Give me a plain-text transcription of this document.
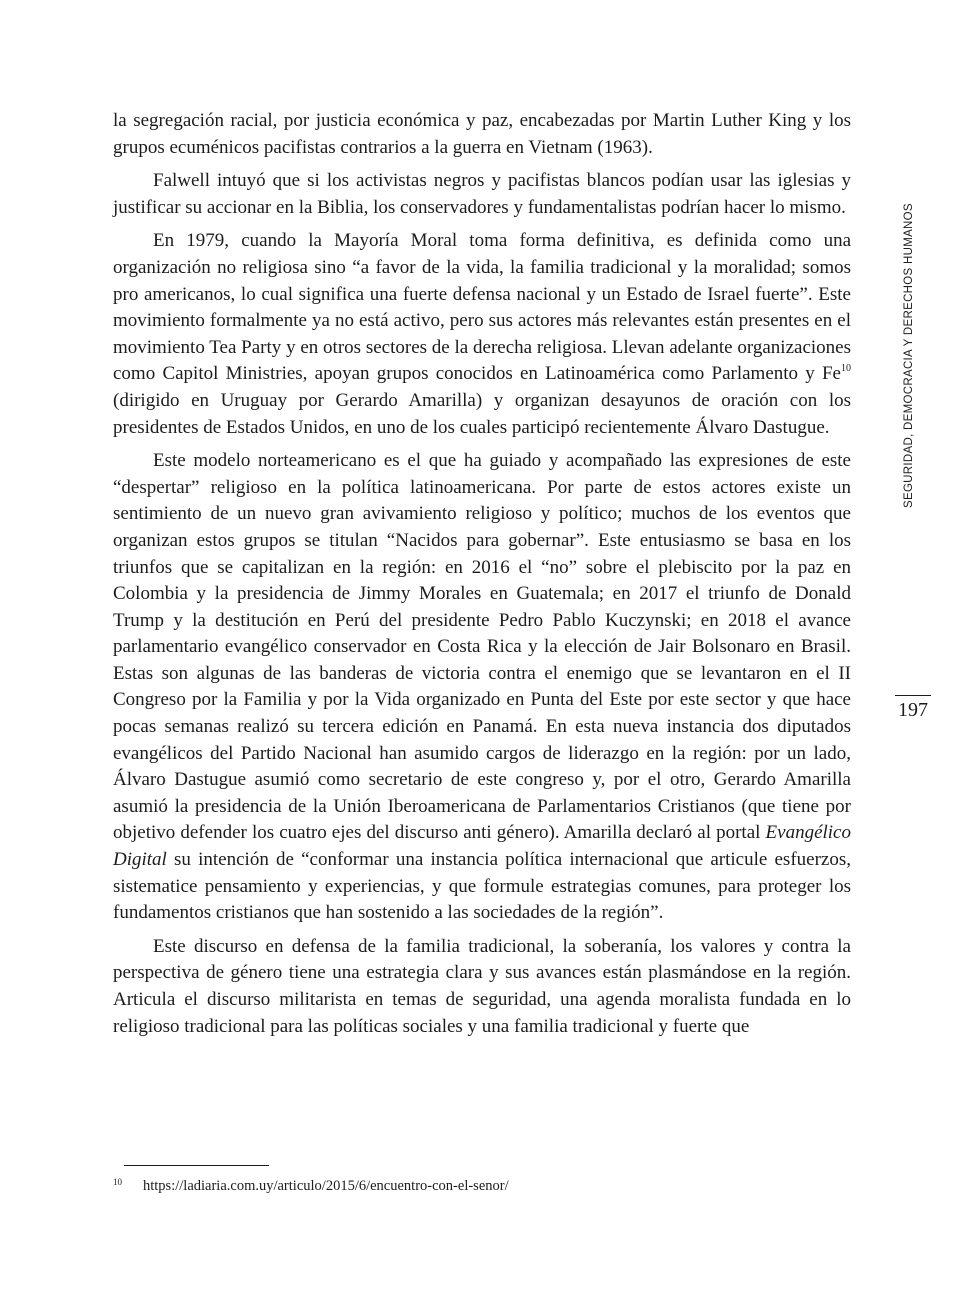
la segregación racial, por justicia económica y paz, encabezadas por Martin Luther King y los grupos ecuménicos pacifistas contrarios a la guerra en Vietnam (1963).

Falwell intuyó que si los activistas negros y pacifistas blancos podían usar las iglesias y justificar su accionar en la Biblia, los conservadores y fundamentalistas podrían hacer lo mismo.

En 1979, cuando la Mayoría Moral toma forma definitiva, es definida como una organización no religiosa sino “a favor de la vida, la familia tradicional y la moralidad; somos pro americanos, lo cual significa una fuerte defensa nacional y un Estado de Israel fuerte”. Este movimiento formalmente ya no está activo, pero sus actores más relevantes están presentes en el movimiento Tea Party y en otros sectores de la derecha religiosa. Llevan adelante organizaciones como Capitol Ministries, apoyan grupos conocidos en Latinoamérica como Parlamento y Fe$^{10}$ (dirigido en Uruguay por Gerardo Amarilla) y organizan desayunos de oración con los presidentes de Estados Unidos, en uno de los cuales participó recientemente Álvaro Dastugue.

Este modelo norteamericano es el que ha guiado y acompañado las expresiones de este “despertar” religioso en la política latinoamericana. Por parte de estos actores existe un sentimiento de un nuevo gran avivamiento religioso y político; muchos de los eventos que organizan estos grupos se titulan “Nacidos para gobernar”. Este entusiasmo se basa en los triunfos que se capitalizan en la región: en 2016 el “no” sobre el plebiscito por la paz en Colombia y la presidencia de Jimmy Morales en Guatemala; en 2017 el triunfo de Donald Trump y la destitución en Perú del presidente Pedro Pablo Kuczynski; en 2018 el avance parlamentario evangélico conservador en Costa Rica y la elección de Jair Bolsonaro en Brasil. Estas son algunas de las banderas de victoria contra el enemigo que se levantaron en el II Congreso por la Familia y por la Vida organizado en Punta del Este por este sector y que hace pocas semanas realizó su tercera edición en Panamá. En esta nueva instancia dos diputados evangélicos del Partido Nacional han asumido cargos de liderazgo en la región: por un lado, Álvaro Dastugue asumió como secretario de este congreso y, por el otro, Gerardo Amarilla asumió la presidencia de la Unión Iberoamericana de Parlamentarios Cristianos (que tiene por objetivo defender los cuatro ejes del discurso anti género). Amarilla declaró al portal Evangélico Digital su intención de “conformar una instancia política internacional que articule esfuerzos, sistematice pensamiento y experiencias, y que formule estrategias comunes, para proteger los fundamentos cristianos que han sostenido a las sociedades de la región”.

Este discurso en defensa de la familia tradicional, la soberanía, los valores y contra la perspectiva de género tiene una estrategia clara y sus avances están plasmándose en la región. Articula el discurso militarista en temas de seguridad, una agenda moralista fundada en lo religioso tradicional para las políticas sociales y una familia tradicional y fuerte que

SEGURIDAD, DEMOCRACIA Y DERECHOS HUMANOS
197
10 https://ladiaria.com.uy/articulo/2015/6/encuentro-con-el-senor/
